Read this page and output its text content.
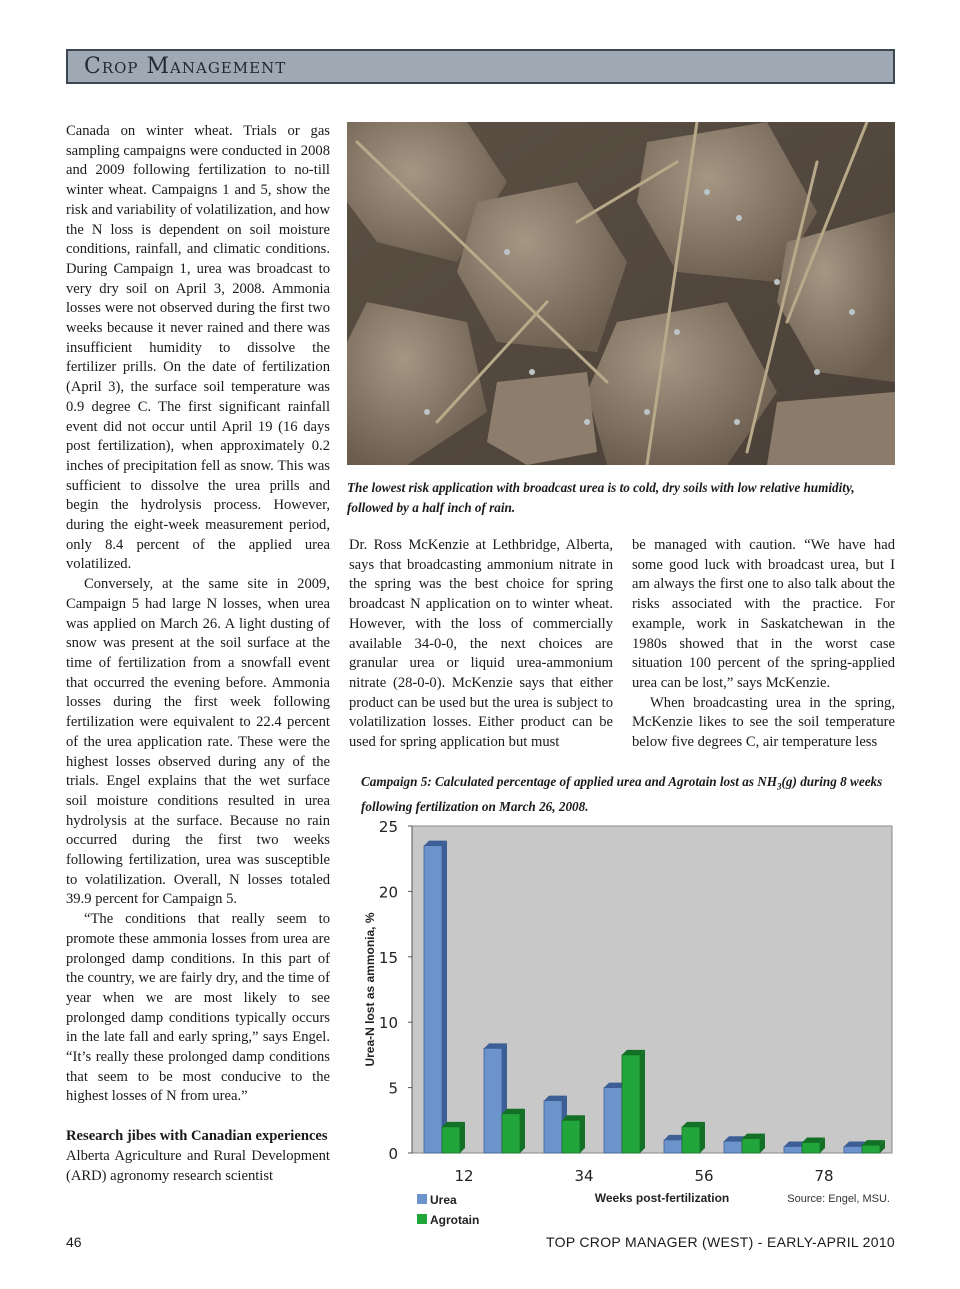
Crop Management

Canada on winter wheat. Trials or gas sampling campaigns were conducted in 2008 and 2009 following fertilization to no-till winter wheat. Campaigns 1 and 5, show the risk and variability of volatilization, and how the N loss is dependent on soil moisture conditions, rainfall, and climatic conditions. During Campaign 1, urea was broadcast to very dry soil on April 3, 2008. Ammonia losses were not observed during the first two weeks because it never rained and there was insufficient humidity to dissolve the fertilizer prills. On the date of fertilization (April 3), the surface soil temperature was 0.9 degree C. The first significant rainfall event did not occur until April 19 (16 days post fertilization), when approximately 0.2 inches of precipitation fell as snow. This was sufficient to dissolve the urea prills and begin the hydrolysis process. However, during the eight-week measurement period, only 8.4 percent of the applied urea volatilized.

Conversely, at the same site in 2009, Campaign 5 had large N losses, when urea was applied on March 26. A light dusting of snow was present at the soil surface at the time of fertilization from a snowfall event that occurred the evening before. Ammonia losses during the first week following fertilization were equivalent to 22.4 percent of the urea application rate. These were the highest losses observed during any of the trials. Engel explains that the wet surface soil moisture conditions resulted in urea hydrolysis at the surface. Because no rain occurred during the first two weeks following fertilization, urea was susceptible to volatilization. Overall, N losses totaled 39.9 percent for Campaign 5.

“The conditions that really seem to promote these ammonia losses from urea are prolonged damp conditions. In this part of the country, we are fairly dry, and the time of year when we are most likely to see prolonged damp conditions typically occurs in the late fall and early spring,” says Engel. “It’s really these prolonged damp conditions that seem to be most conducive to the highest losses of N from urea.”

Research jibes with Canadian experiences

Alberta Agriculture and Rural Development (ARD) agronomy research scientist

The lowest risk application with broadcast urea is to cold, dry soils with low relative humidity, followed by a half inch of rain.

Dr. Ross McKenzie at Lethbridge, Alberta, says that broadcasting ammonium nitrate in the spring was the best choice for spring broadcast N application on to winter wheat. However, with the loss of commercially available 34-0-0, the next choices are granular urea or liquid urea-ammonium nitrate (28-0-0). McKenzie says that either product can be used but the urea is subject to volatilization losses. Either product can be used for spring application but must

be managed with caution. “We have had some good luck with broadcast urea, but I am always the first one to also talk about the risks associated with the practice. For example, work in Saskatchewan in the 1980s showed that in the worst case situation 100 percent of the spring-applied urea can be lost,” says McKenzie.

When broadcasting urea in the spring, McKenzie likes to see the soil temperature below five degrees C, air temperature less

Campaign 5: Calculated percentage of applied urea and Agrotain lost as $NH_3(g)$ during 8 weeks following fertilization on March 26, 2008.
0
5
10
15
20
25
Urea-N lost as ammonia, %
12	34	56	78
Weeks post-fertilization
Urea
Agrotain
Source: Engel, MSU.
46	TOP CROP MANAGER (WEST) - EARLY-APRIL 2010
